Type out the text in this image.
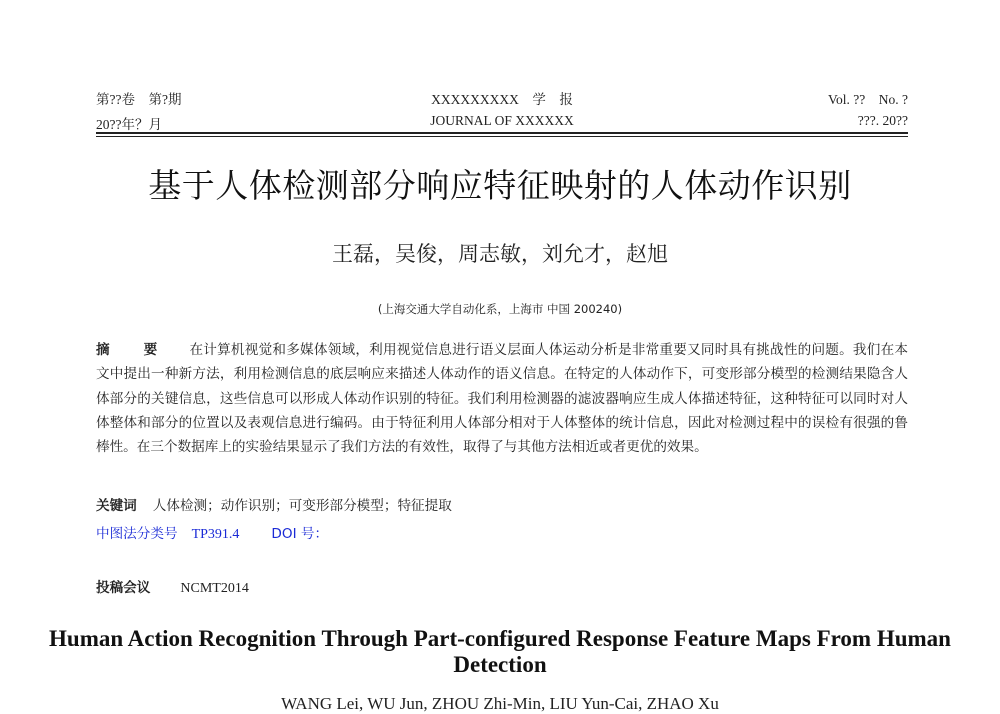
第??卷　第?期	XXXXXXXXX　学　报	Vol. ??　No. ?
20??年？月	JOURNAL OF XXXXXX	???. 20??
基于人体检测部分响应特征映射的人体动作识别
王磊，吴俊，周志敏，刘允才，赵旭
(上海交通大学自动化系，上海市 中国 200240)
摘　要 在计算机视觉和多媒体领域，利用视觉信息进行语义层面人体运动分析是非常重要又同时具有挑战性的问题。我们在本文中提出一种新方法，利用检测信息的底层响应来描述人体动作的语义信息。在特定的人体动作下，可变形部分模型的检测结果隐含人体部分的关键信息，这些信息可以形成人体动作识别的特征。我们利用检测器的滤波器响应生成人体描述特征，这种特征可以同时对人体整体和部分的位置以及表观信息进行编码。由于特征利用人体部分相对于人体整体的统计信息，因此对检测过程中的误检有很强的鲁棒性。在三个数据库上的实验结果显示了我们方法的有效性，取得了与其他方法相近或者更优的效果。
关键词 人体检测；动作识别；可变形部分模型；特征提取
中图法分类号 TP391.4 DOI 号：
投稿会议 NCMT2014
Human Action Recognition Through Part-configured Response Feature Maps From Human Detection
WANG Lei, WU Jun, ZHOU Zhi-Min, LIU Yun-Cai, ZHAO Xu
